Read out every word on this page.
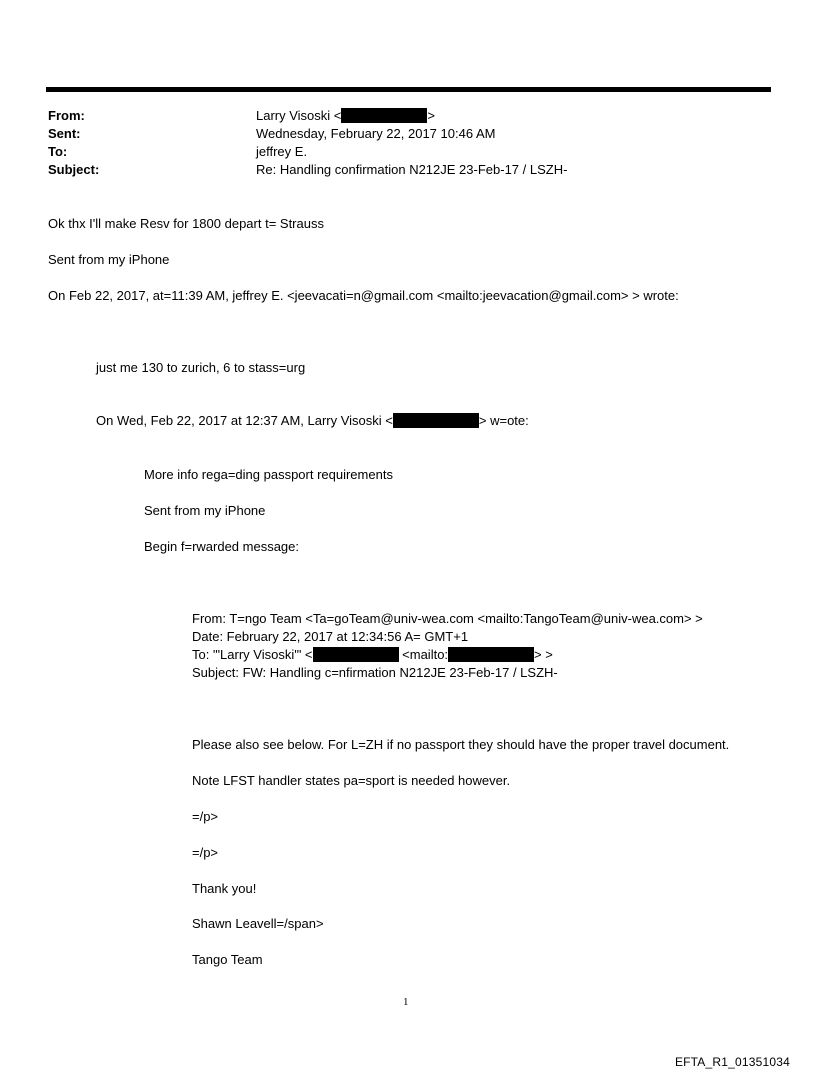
From:	Larry Visoski <	>
Sent:	Wednesday, February 22, 2017 10:46 AM
To:	jeffrey E.
Subject:	Re: Handling confirmation N212JE 23-Feb-17 / LSZH-
Ok thx I'll make Resv for 1800 depart t= Strauss
Sent from my iPhone
On Feb 22, 2017, at=11:39 AM, jeffrey E. <jeevacati=n@gmail.com <mailto:jeevacation@gmail.com> > wrote:
just me 130 to zurich, 6 to stass=urg
On Wed, Feb 22, 2017 at 12:37 AM, Larry Visoski <	> w=ote:
More info rega=ding passport requirements
Sent from my iPhone
Begin f=rwarded message:
From: T=ngo Team <Ta=goTeam@univ-wea.com <mailto:TangoTeam@univ-wea.com> >
Date: February 22, 2017 at 12:34:56 A= GMT+1
To: "'Larry Visoski'" <	<mailto:	> >
Subject: FW: Handling c=nfirmation N212JE 23-Feb-17 / LSZH-
Please also see below. For L=ZH if no passport they should have the proper travel document.
Note LFST handler states pa=sport is needed however.
=/p>
=/p>
Thank you!
Shawn Leavell=/span>
Tango Team
1
EFTA_R1_01351034
